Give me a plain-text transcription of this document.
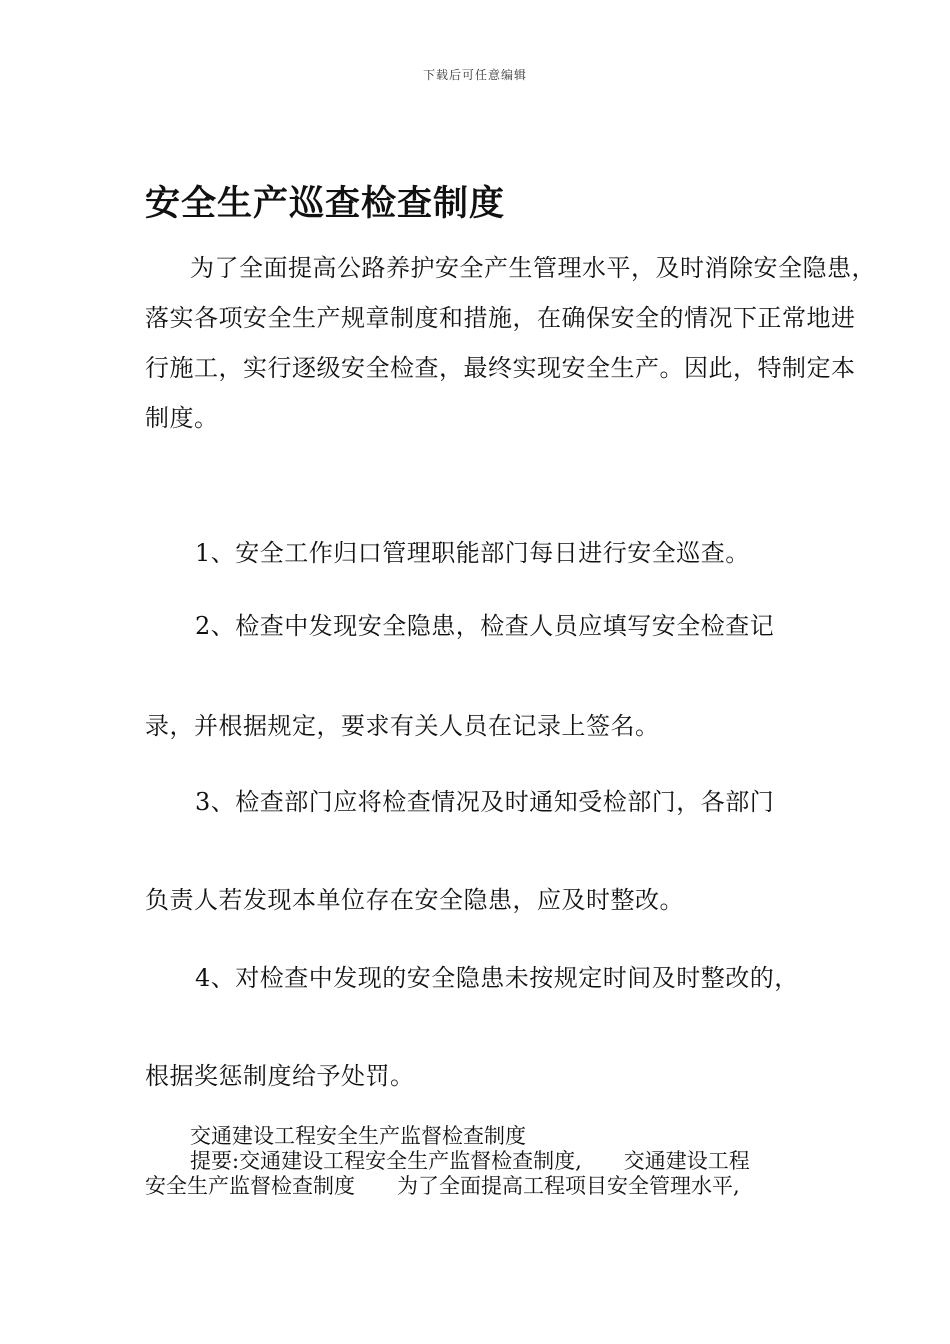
下载后可任意编辑
安全生产巡查检查制度
为了全面提高公路养护安全产生管理水平，及时消除安全隐患，
落实各项安全生产规章制度和措施，在确保安全的情况下正常地进
行施工，实行逐级安全检查，最终实现安全生产。因此，特制定本
制度。
1、安全工作归口管理职能部门每日进行安全巡查。
2、检查中发现安全隐患，检查人员应填写安全检查记
录，并根据规定，要求有关人员在记录上签名。
3、检查部门应将检查情况及时通知受检部门，各部门
负责人若发现本单位存在安全隐患，应及时整改。
4、对检查中发现的安全隐患未按规定时间及时整改的，
根据奖惩制度给予处罚。
交通建设工程安全生产监督检查制度
提要:交通建设工程安全生产监督检查制度,　　交通建设工程
安全生产监督检查制度　　为了全面提高工程项目安全管理水平,
